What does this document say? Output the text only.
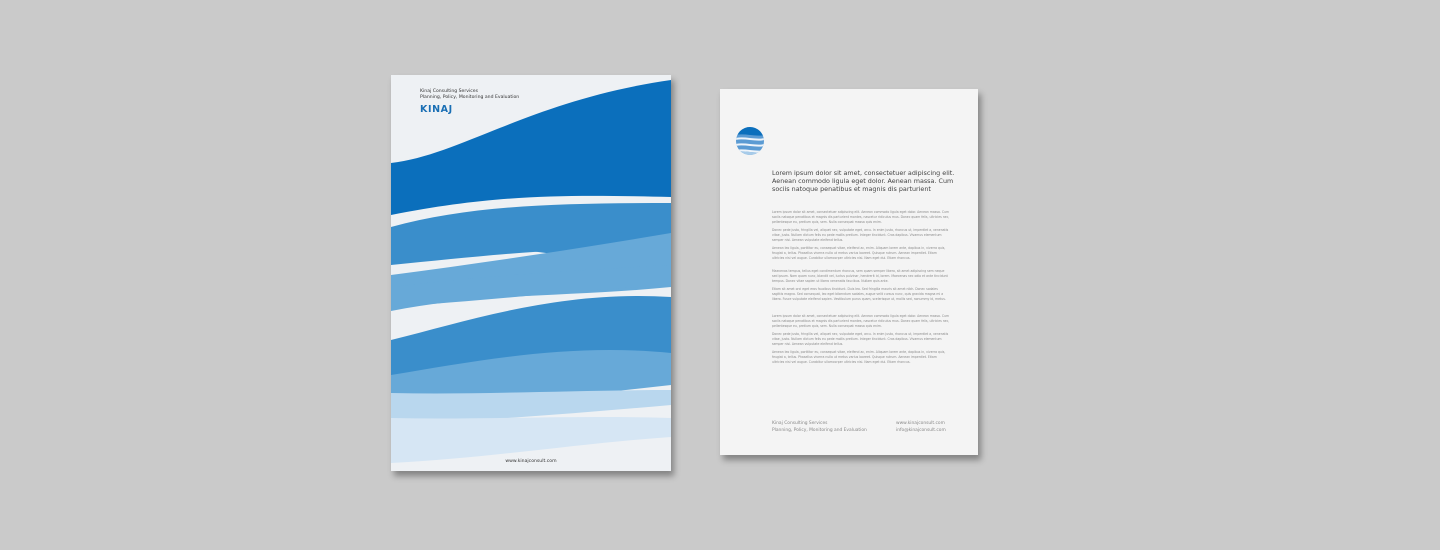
Kinaj Consulting Services
Planning, Policy, Monitoring and Evaluation
KINAJ
www.kinajconsult.com
Lorem ipsum dolor sit amet, consectetuer adipiscing elit. Aenean commodo ligula eget dolor. Aenean massa. Cum sociis natoque penatibus et magnis dis parturient
Lorem ipsum dolor sit amet, consectetuer adipiscing elit. Aenean commodo ligula eget dolor. Aenean massa. Cum sociis natoque penatibus et magnis dis parturient montes, nascetur ridiculus mus. Donec quam felis, ultricies nec, pellentesque eu, pretium quis, sem. Nulla consequat massa quis enim.
Donec pede justo, fringilla vel, aliquet nec, vulputate eget, arcu. In enim justo, rhoncus ut, imperdiet a, venenatis vitae, justo. Nullam dictum felis eu pede mollis pretium. Integer tincidunt. Cras dapibus. Vivamus elementum semper nisi. Aenean vulputate eleifend tellus.
Aenean leo ligula, porttitor eu, consequat vitae, eleifend ac, enim. Aliquam lorem ante, dapibus in, viverra quis, feugiat a, tellus. Phasellus viverra nulla ut metus varius laoreet. Quisque rutrum. Aenean imperdiet. Etiam ultricies nisi vel augue. Curabitur ullamcorper ultricies nisi. Nam eget dui. Etiam rhoncus.
Maecenas tempus, tellus eget condimentum rhoncus, sem quam semper libero, sit amet adipiscing sem neque sed ipsum. Nam quam nunc, blandit vel, luctus pulvinar, hendrerit id, lorem. Maecenas nec odio et ante tincidunt tempus. Donec vitae sapien ut libero venenatis faucibus. Nullam quis ante.
Etiam sit amet orci eget eros faucibus tincidunt. Duis leo. Sed fringilla mauris sit amet nibh. Donec sodales sagittis magna. Sed consequat, leo eget bibendum sodales, augue velit cursus nunc, quis gravida magna mi a libero. Fusce vulputate eleifend sapien. Vestibulum purus quam, scelerisque ut, mollis sed, nonummy id, metus.
Lorem ipsum dolor sit amet, consectetuer adipiscing elit. Aenean commodo ligula eget dolor. Aenean massa. Cum sociis natoque penatibus et magnis dis parturient montes, nascetur ridiculus mus. Donec quam felis, ultricies nec, pellentesque eu, pretium quis, sem. Nulla consequat massa quis enim.
Donec pede justo, fringilla vel, aliquet nec, vulputate eget, arcu. In enim justo, rhoncus ut, imperdiet a, venenatis vitae, justo. Nullam dictum felis eu pede mollis pretium. Integer tincidunt. Cras dapibus. Vivamus elementum semper nisi. Aenean vulputate eleifend tellus.
Aenean leo ligula, porttitor eu, consequat vitae, eleifend ac, enim. Aliquam lorem ante, dapibus in, viverra quis, feugiat a, tellus. Phasellus viverra nulla ut metus varius laoreet. Quisque rutrum. Aenean imperdiet. Etiam ultricies nisi vel augue. Curabitur ullamcorper ultricies nisi. Nam eget dui. Etiam rhoncus.
Kinaj Consulting Services
Planning, Policy, Monitoring and Evaluation
www.kinajconsult.com
info@kinajconsult.com
